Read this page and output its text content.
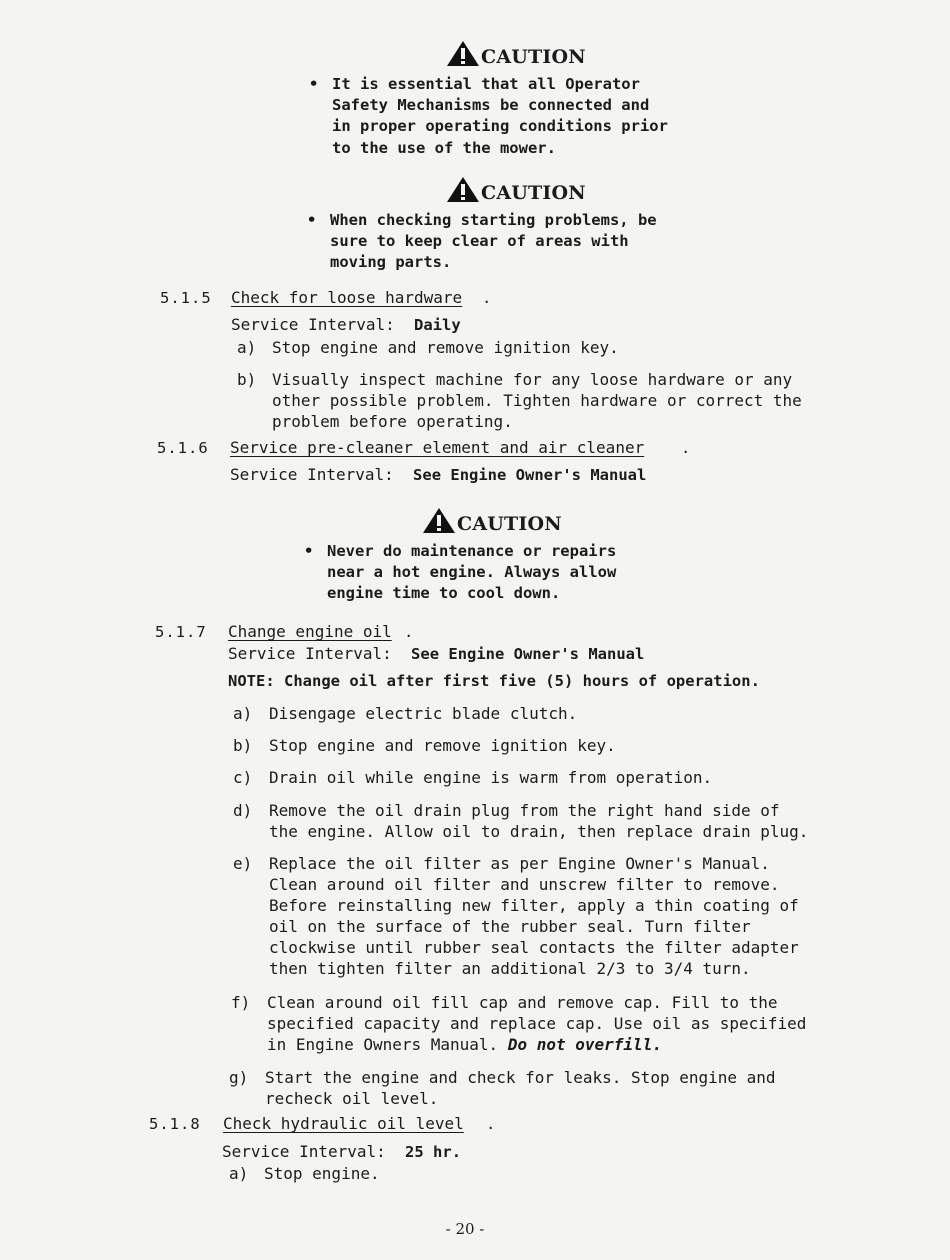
CAUTION
• It is essential that all Operator
Safety Mechanisms be connected and
in proper operating conditions prior
to the use of the mower.
CAUTION
• When checking starting problems, be
sure to keep clear of areas with
moving parts.
5.1.5 Check for loose hardware .
Service Interval: Daily
a) Stop engine and remove ignition key.
b) Visually inspect machine for any loose hardware or any
other possible problem. Tighten hardware or correct the
problem before operating.
5.1.6 Service pre-cleaner element and air cleaner .
Service Interval: See Engine Owner's Manual
CAUTION
• Never do maintenance or repairs
near a hot engine. Always allow
engine time to cool down.
5.1.7 Change engine oil .
Service Interval: See Engine Owner's Manual
NOTE: Change oil after first five (5) hours of operation.
a) Disengage electric blade clutch.
b) Stop engine and remove ignition key.
c) Drain oil while engine is warm from operation.
d) Remove the oil drain plug from the right hand side of
the engine. Allow oil to drain, then replace drain plug.
e) Replace the oil filter as per Engine Owner's Manual.
Clean around oil filter and unscrew filter to remove.
Before reinstalling new filter, apply a thin coating of
oil on the surface of the rubber seal. Turn filter
clockwise until rubber seal contacts the filter adapter
then tighten filter an additional 2/3 to 3/4 turn.
f) Clean around oil fill cap and remove cap. Fill to the
specified capacity and replace cap. Use oil as specified
in Engine Owners Manual. Do not overfill.
g) Start the engine and check for leaks. Stop engine and
recheck oil level.
5.1.8 Check hydraulic oil level .
Service Interval: 25 hr.
a) Stop engine.
- 20 -
